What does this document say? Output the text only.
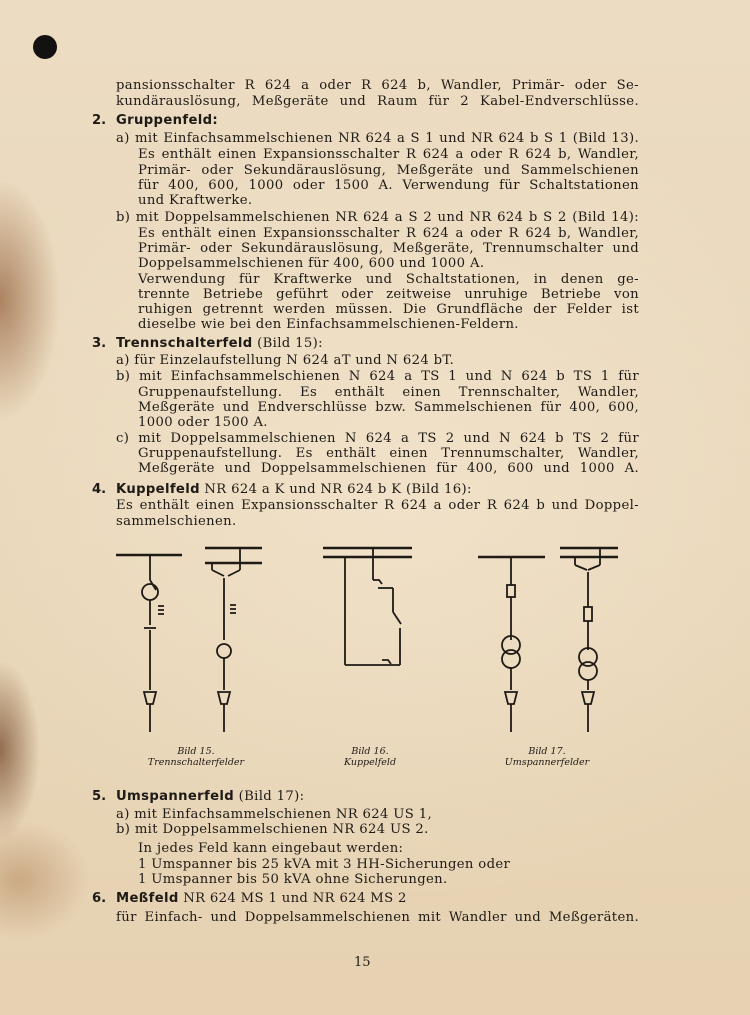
pansionsschalter R 624 a oder R 624 b, Wandler, Primär- oder Se-
kundärauslösung, Meßgeräte und Raum für 2 Kabel-Endverschlüsse.
2. Gruppenfeld:
a) mit Einfachsammelschienen NR 624 a S 1 und NR 624 b S 1 (Bild 13).
Es enthält einen Expansionsschalter R 624 a oder R 624 b, Wandler,
Primär- oder Sekundärauslösung, Meßgeräte und Sammelschienen
für 400, 600, 1000 oder 1500 A. Verwendung für Schaltstationen
und Kraftwerke.
b) mit Doppelsammelschienen NR 624 a S 2 und NR 624 b S 2 (Bild 14):
Es enthält einen Expansionsschalter R 624 a oder R 624 b, Wandler,
Primär- oder Sekundärauslösung, Meßgeräte, Trennumschalter und
Doppelsammelschienen für 400, 600 und 1000 A.
Verwendung für Kraftwerke und Schaltstationen, in denen ge-
trennte Betriebe geführt oder zeitweise unruhige Betriebe von
ruhigen getrennt werden müssen. Die Grundfläche der Felder ist
dieselbe wie bei den Einfachsammelschienen-Feldern.
3. Trennschalterfeld (Bild 15):
a) für Einzelaufstellung N 624 aT und N 624 bT.
b) mit Einfachsammelschienen N 624 a TS 1 und N 624 b TS 1 für
Gruppenaufstellung. Es enthält einen Trennschalter, Wandler,
Meßgeräte und Endverschlüsse bzw. Sammelschienen für 400, 600,
1000 oder 1500 A.
c) mit Doppelsammelschienen N 624 a TS 2 und N 624 b TS 2 für
Gruppenaufstellung. Es enthält einen Trennumschalter, Wandler,
Meßgeräte und Doppelsammelschienen für 400, 600 und 1000 A.
4. Kuppelfeld NR 624 a K und NR 624 b K (Bild 16):
Es enthält einen Expansionsschalter R 624 a oder R 624 b und Doppel-
sammelschienen.
Bild 15.
Trennschalterfelder
Bild 16.
Kuppelfeld
Bild 17.
Umspannerfelder
5. Umspannerfeld (Bild 17):
a) mit Einfachsammelschienen NR 624 US 1,
b) mit Doppelsammelschienen NR 624 US 2.
In jedes Feld kann eingebaut werden:
1 Umspanner bis 25 kVA mit 3 HH-Sicherungen oder
1 Umspanner bis 50 kVA ohne Sicherungen.
6. Meßfeld NR 624 MS 1 und NR 624 MS 2
für Einfach- und Doppelsammelschienen mit Wandler und Meßgeräten.
15
